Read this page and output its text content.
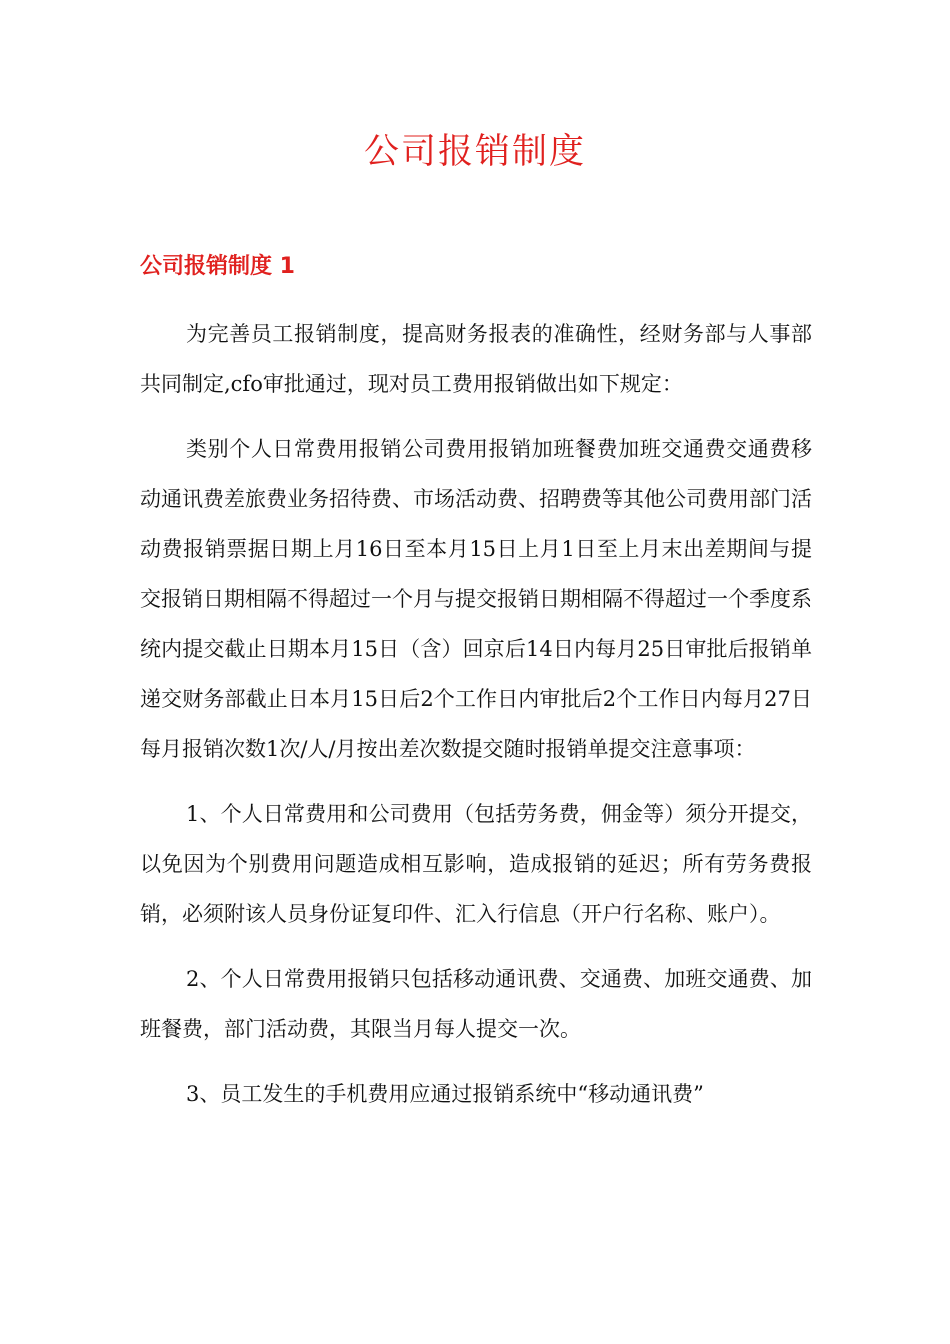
公司报销制度
公司报销制度 1

为完善员工报销制度，提高财务报表的准确性，经财务部与人事部共同制定,cfo审批通过，现对员工费用报销做出如下规定：

类别个人日常费用报销公司费用报销加班餐费加班交通费交通费移动通讯费差旅费业务招待费、市场活动费、招聘费等其他公司费用部门活动费报销票据日期上月16日至本月15日上月1日至上月末出差期间与提交报销日期相隔不得超过一个月与提交报销日期相隔不得超过一个季度系统内提交截止日期本月15日（含）回京后14日内每月25日审批后报销单递交财务部截止日本月15日后2个工作日内审批后2个工作日内每月27日每月报销次数1次/人/月按出差次数提交随时报销单提交注意事项：

1、个人日常费用和公司费用（包括劳务费，佣金等）须分开提交，以免因为个别费用问题造成相互影响，造成报销的延迟；所有劳务费报销，必须附该人员身份证复印件、汇入行信息（开户行名称、账户）。

2、个人日常费用报销只包括移动通讯费、交通费、加班交通费、加班餐费，部门活动费，其限当月每人提交一次。

3、员工发生的手机费用应通过报销系统中“移动通讯费”
